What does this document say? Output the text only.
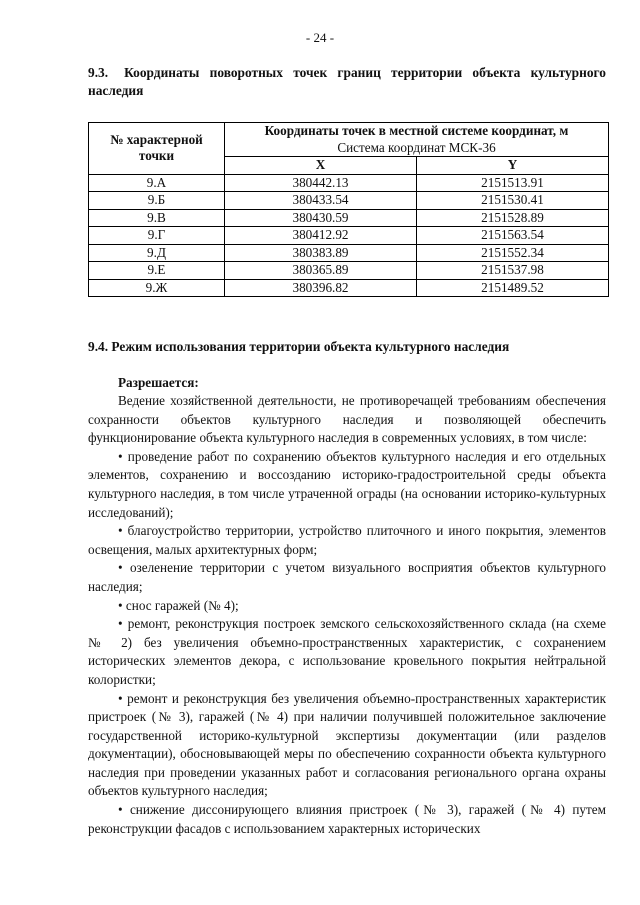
- 24 -
9.3. Координаты поворотных точек границ территории объекта культурного наследия
№ характерной точки	Координаты точек в местной системе координат, м	
	Система координат МСК-36	
	X	Y
9.А	380442.13	2151513.91
9.Б	380433.54	2151530.41
9.В	380430.59	2151528.89
9.Г	380412.92	2151563.54
9.Д	380383.89	2151552.34
9.Е	380365.89	2151537.98
9.Ж	380396.82	2151489.52
9.4. Режим использования территории объекта культурного наследия
Разрешается:

Ведение хозяйственной деятельности, не противоречащей требованиям обеспечения сохранности объектов культурного наследия и позволяющей обеспечить функционирование объекта культурного наследия в современных условиях, в том числе:

• проведение работ по сохранению объектов культурного наследия и его отдельных элементов, сохранению и воссозданию историко-градостроительной среды объекта культурного наследия, в том числе утраченной ограды (на основании историко-культурных исследований);

• благоустройство территории, устройство плиточного и иного покрытия, элементов освещения, малых архитектурных форм;

• озеленение территории с учетом визуального восприятия объектов культурного наследия;

• снос гаражей (№ 4);

• ремонт, реконструкция построек земского сельскохозяйственного склада (на схеме № 2) без увеличения объемно-пространственных характеристик, с сохранением исторических элементов декора, с использование кровельного покрытия нейтральной колористки;

• ремонт и реконструкция без увеличения объемно-пространственных характеристик пристроек (№ 3), гаражей (№ 4) при наличии получившей положительное заключение государственной историко-культурной экспертизы документации (или разделов документации), обосновывающей меры по обеспечению сохранности объекта культурного наследия при проведении указанных работ и согласования регионального органа охраны объектов культурного наследия;

• снижение диссонирующего влияния пристроек (№ 3), гаражей (№ 4) путем реконструкции фасадов с использованием характерных исторических
